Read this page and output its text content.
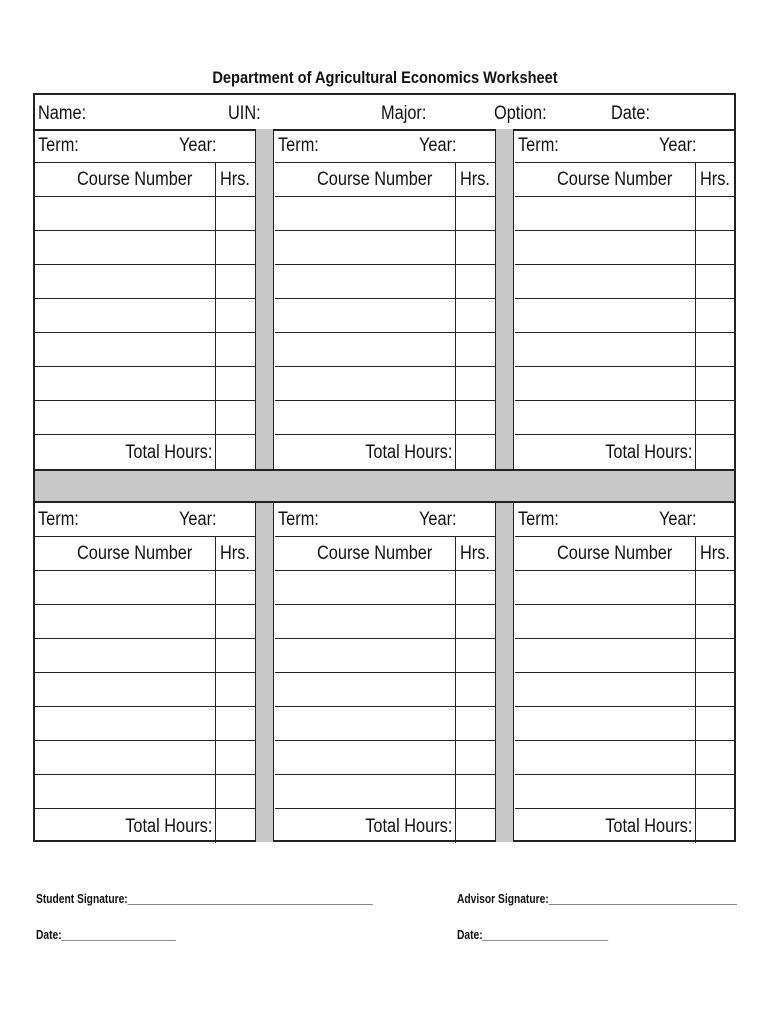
Department of Agricultural Economics Worksheet
Name:	UIN:	Major:	Option:	Date:
Term:	Year:
Course Number Hrs.
Total Hours:
Term:	Year:
Course Number Hrs.
Total Hours:
Term:	Year:
Course Number Hrs.
Total Hours:
Term:	Year:
Course Number Hrs.
Total Hours:
Term:	Year:
Course Number Hrs.
Total Hours:
Term:	Year:
Course Number Hrs.
Total Hours:
Student Signature:___________________________________________
Date:____________________
Advisor Signature:_________________________________
Date:______________________
